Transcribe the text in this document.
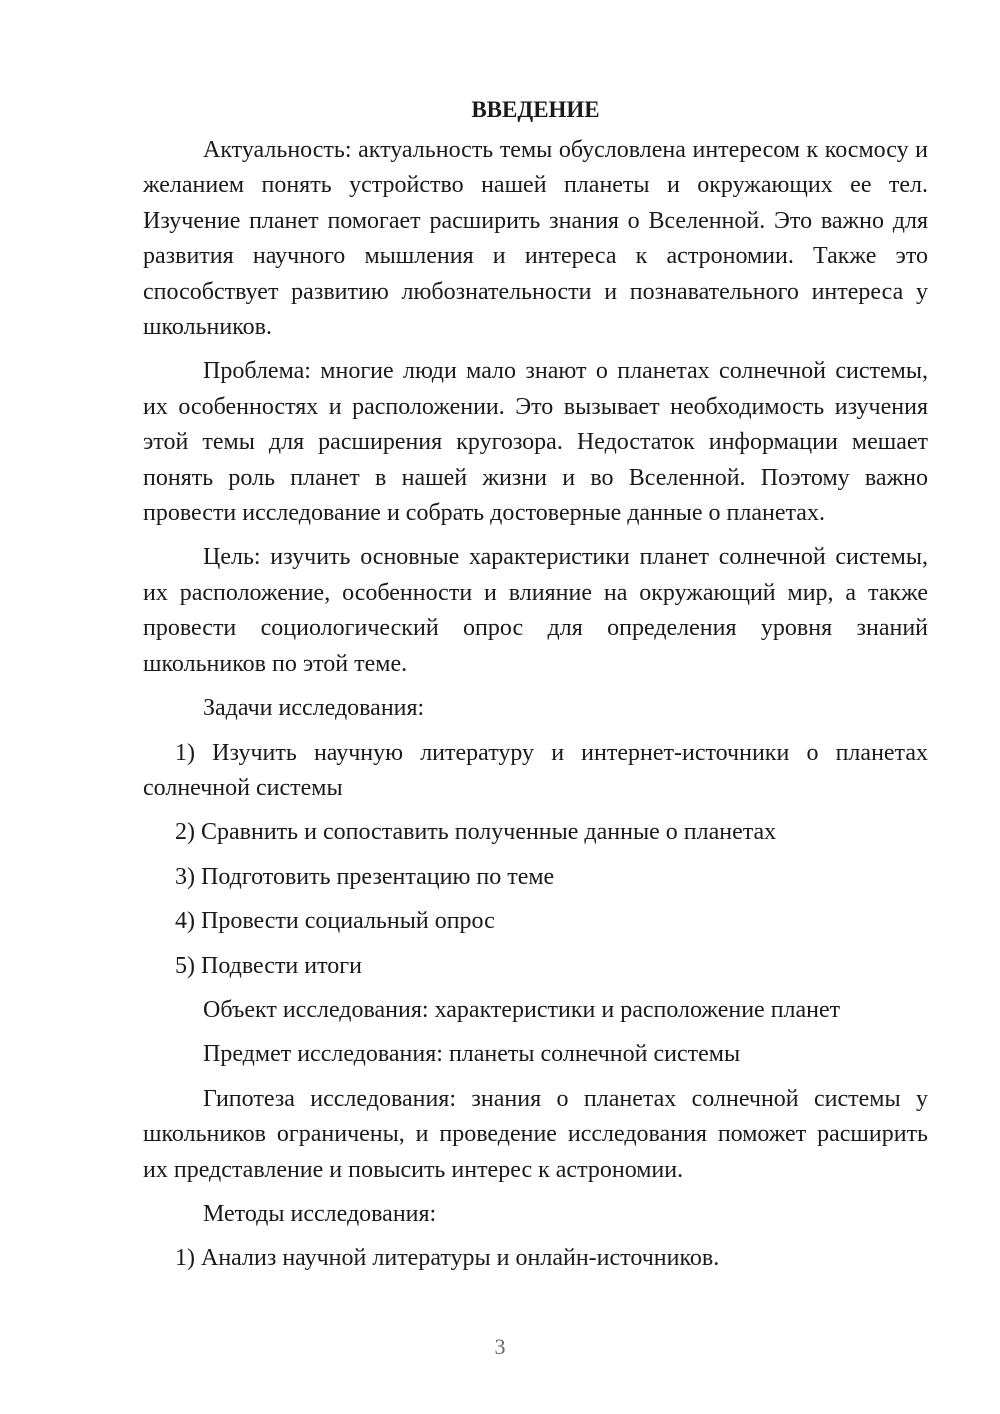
ВВЕДЕНИЕ

Актуальность: актуальность темы обусловлена интересом к космосу и желанием понять устройство нашей планеты и окружающих ее тел. Изучение планет помогает расширить знания о Вселенной. Это важно для развития научного мышления и интереса к астрономии. Также это способствует развитию любознательности и познавательного интереса у школьников.

Проблема: многие люди мало знают о планетах солнечной системы, их особенностях и расположении. Это вызывает необходимость изучения этой темы для расширения кругозора. Недостаток информации мешает понять роль планет в нашей жизни и во Вселенной. Поэтому важно провести исследование и собрать достоверные данные о планетах.

Цель: изучить основные характеристики планет солнечной системы, их расположение, особенности и влияние на окружающий мир, а также провести социологический опрос для определения уровня знаний школьников по этой теме.

Задачи исследования:

1) Изучить научную литературу и интернет-источники о планетах солнечной системы

2) Сравнить и сопоставить полученные данные о планетах

3) Подготовить презентацию по теме

4) Провести социальный опрос

5) Подвести итоги

Объект исследования: характеристики и расположение планет

Предмет исследования: планеты солнечной системы

Гипотеза исследования: знания о планетах солнечной системы у школьников ограничены, и проведение исследования поможет расширить их представление и повысить интерес к астрономии.

Методы исследования:

1) Анализ научной литературы и онлайн-источников.

3
